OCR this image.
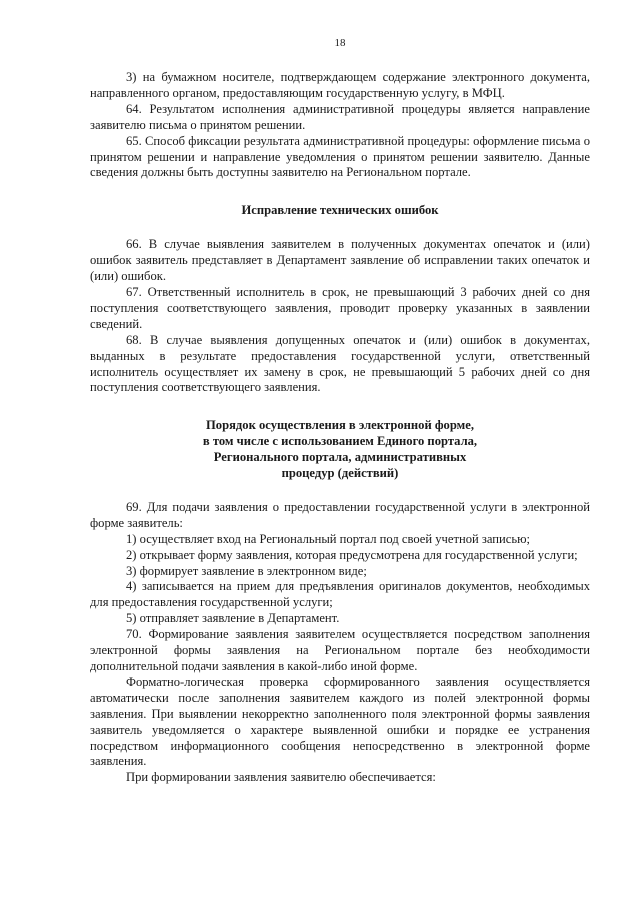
18

3) на бумажном носителе, подтверждающем содержание электронного документа, направленного органом, предоставляющим государственную услугу, в МФЦ.

64. Результатом исполнения административной процедуры является направление заявителю письма о принятом решении.

65. Способ фиксации результата административной процедуры: оформление письма о принятом решении и направление уведомления о принятом решении заявителю. Данные сведения должны быть доступны заявителю на Региональном портале.

Исправление технических ошибок

66. В случае выявления заявителем в полученных документах опечаток и (или) ошибок заявитель представляет в Департамент заявление об исправлении таких опечаток и (или) ошибок.

67. Ответственный исполнитель в срок, не превышающий 3 рабочих дней со дня поступления соответствующего заявления, проводит проверку указанных в заявлении сведений.

68. В случае выявления допущенных опечаток и (или) ошибок в документах, выданных в результате предоставления государственной услуги, ответственный исполнитель осуществляет их замену в срок, не превышающий 5 рабочих дней со дня поступления соответствующего заявления.

Порядок осуществления в электронной форме,
в том числе с использованием Единого портала,
Регионального портала, административных
процедур (действий)

69. Для подачи заявления о предоставлении государственной услуги в электронной форме заявитель:

1) осуществляет вход на Региональный портал под своей учетной записью;

2) открывает форму заявления, которая предусмотрена для государственной услуги;

3) формирует заявление в электронном виде;

4) записывается на прием для предъявления оригиналов документов, необходимых для предоставления государственной услуги;

5) отправляет заявление в Департамент.

70. Формирование заявления заявителем осуществляется посредством заполнения электронной формы заявления на Региональном портале без необходимости дополнительной подачи заявления в какой-либо иной форме.

Форматно-логическая проверка сформированного заявления осуществляется автоматически после заполнения заявителем каждого из полей электронной формы заявления. При выявлении некорректно заполненного поля электронной формы заявления заявитель уведомляется о характере выявленной ошибки и порядке ее устранения посредством информационного сообщения непосредственно в электронной форме заявления.

При формировании заявления заявителю обеспечивается:
